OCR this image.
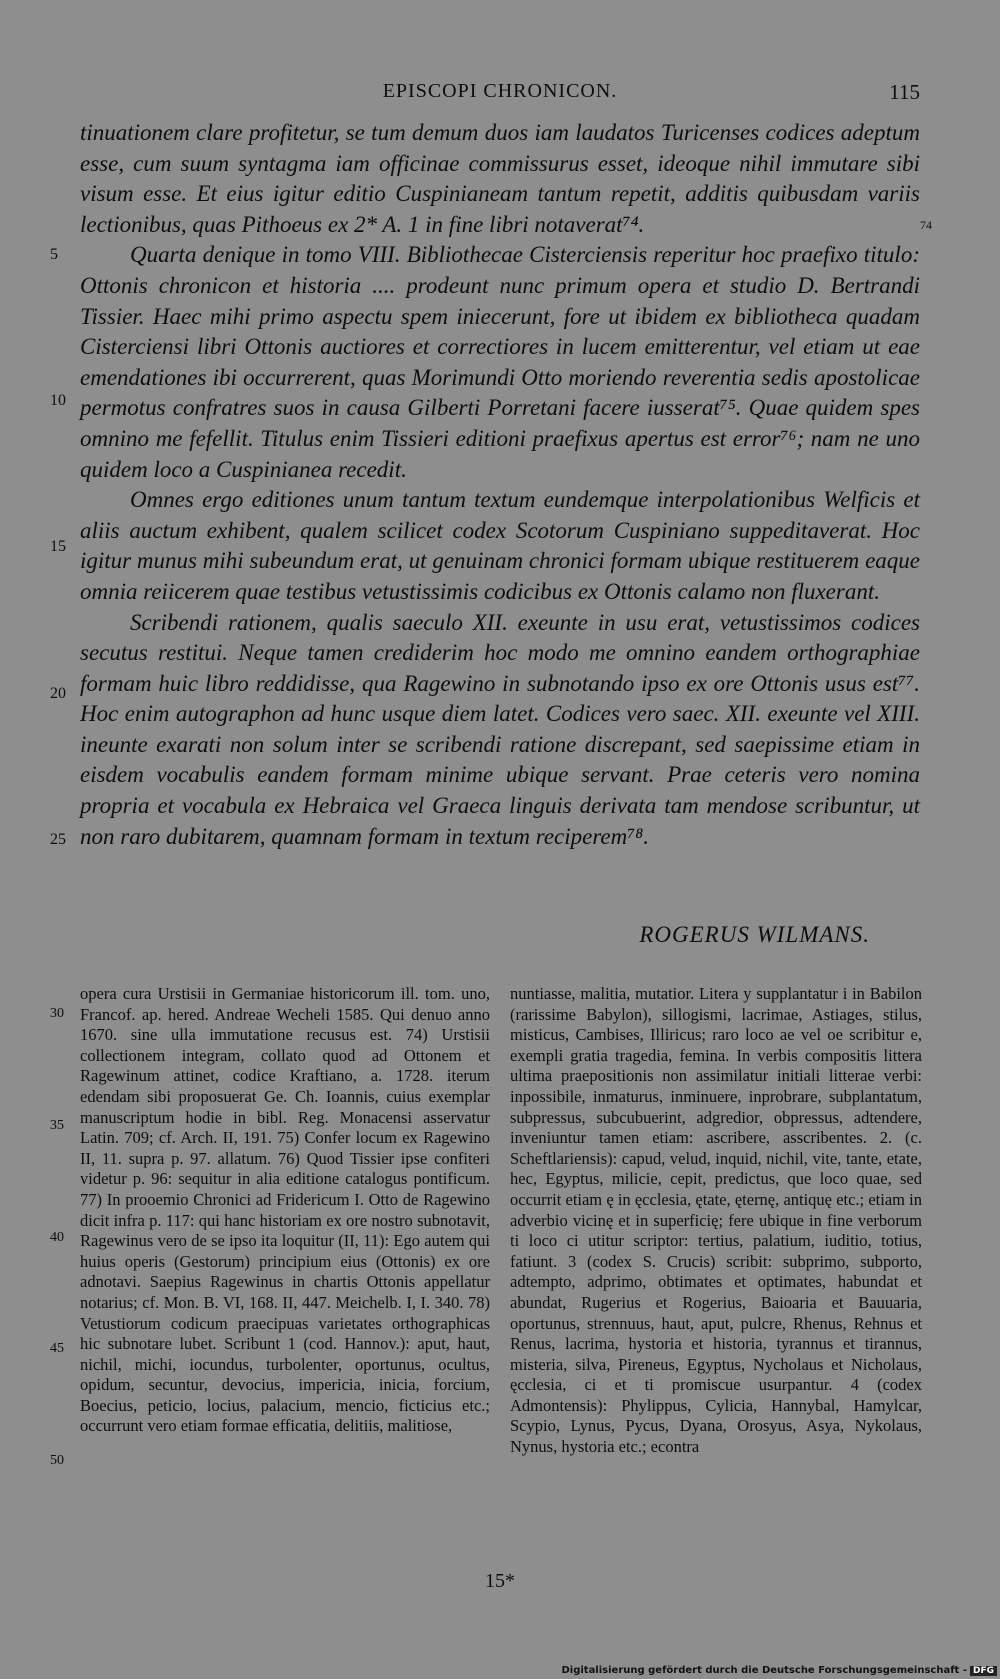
EPISCOPI CHRONICON.	115
74
5
10
15
20
25

tinuationem clare profitetur, se tum demum duos iam laudatos Turicenses codices adeptum esse, cum suum syntagma iam officinae commissurus esset, ideoque nihil immutare sibi visum esse. Et eius igitur editio Cuspinianeam tantum repetit, additis quibusdam variis lectionibus, quas Pithoeus ex 2* A. 1 in fine libri notaverat⁷⁴.

Quarta denique in tomo VIII. Bibliothecae Cisterciensis reperitur hoc praefixo titulo: Ottonis chronicon et historia .... prodeunt nunc primum opera et studio D. Bertrandi Tissier. Haec mihi primo aspectu spem iniecerunt, fore ut ibidem ex bibliotheca quadam Cisterciensi libri Ottonis auctiores et correctiores in lucem emitterentur, vel etiam ut eae emendationes ibi occurrerent, quas Morimundi Otto moriendo reverentia sedis apostolicae permotus confratres suos in causa Gilberti Porretani facere iusserat⁷⁵. Quae quidem spes omnino me fefellit. Titulus enim Tissieri editioni praefixus apertus est error⁷⁶; nam ne uno quidem loco a Cuspinianea recedit.

Omnes ergo editiones unum tantum textum eundemque interpolationibus Welficis et aliis auctum exhibent, qualem scilicet codex Scotorum Cuspiniano suppeditaverat. Hoc igitur munus mihi subeundum erat, ut genuinam chronici formam ubique restituerem eaque omnia reiicerem quae testibus vetustissimis codicibus ex Ottonis calamo non fluxerant.

Scribendi rationem, qualis saeculo XII. exeunte in usu erat, vetustissimos codices secutus restitui. Neque tamen crediderim hoc modo me omnino eandem orthographiae formam huic libro reddidisse, qua Ragewino in subnotando ipso ex ore Ottonis usus est⁷⁷. Hoc enim autographon ad hunc usque diem latet. Codices vero saec. XII. exeunte vel XIII. ineunte exarati non solum inter se scribendi ratione discrepant, sed saepissime etiam in eisdem vocabulis eandem formam minime ubique servant. Prae ceteris vero nomina propria et vocabula ex Hebraica vel Graeca linguis derivata tam mendose scribuntur, ut non raro dubitarem, quamnam formam in textum reciperem⁷⁸.

ROGERUS WILMANS.
30
35
40
45
50
opera cura Urstisii in Germaniae historicorum ill. tom. uno, Francof. ap. hered. Andreae Wecheli 1585. Qui denuo anno 1670. sine ulla immutatione recusus est. 74) Urstisii collectionem integram, collato quod ad Ottonem et Ragewinum attinet, codice Kraftiano, a. 1728. iterum edendam sibi proposuerat Ge. Ch. Ioannis, cuius exemplar manuscriptum hodie in bibl. Reg. Monacensi asservatur Latin. 709; cf. Arch. II, 191. 75) Confer locum ex Ragewino II, 11. supra p. 97. allatum. 76) Quod Tissier ipse confiteri videtur p. 96: sequitur in alia editione catalogus pontificum. 77) In prooemio Chronici ad Fridericum I. Otto de Ragewino dicit infra p. 117: qui hanc historiam ex ore nostro subnotavit, Ragewinus vero de se ipso ita loquitur (II, 11): Ego autem qui huius operis (Gestorum) principium eius (Ottonis) ex ore adnotavi. Saepius Ragewinus in chartis Ottonis appellatur notarius; cf. Mon. B. VI, 168. II, 447. Meichelb. I, I. 340. 78) Vetustiorum codicum praecipuas varietates orthographicas hic subnotare lubet. Scribunt 1 (cod. Hannov.): aput, haut, nichil, michi, iocundus, turbolenter, oportunus, ocultus, opidum, secuntur, devocius, impericia, inicia, forcium, Boecius, peticio, locius, palacium, mencio, ficticius etc.; occurrunt vero etiam formae efficatia, delitiis, malitiose,
nuntiasse, malitia, mutatior. Litera y supplantatur i in Babilon (rarissime Babylon), sillogismi, lacrimae, Astiages, stilus, misticus, Cambises, Illiricus; raro loco ae vel oe scribitur e, exempli gratia tragedia, femina. In verbis compositis littera ultima praepositionis non assimilatur initiali litterae verbi: inpossibile, inmaturus, inminuere, inprobrare, subplantatum, subpressus, subcubuerint, adgredior, obpressus, adtendere, inveniuntur tamen etiam: ascribere, asscribentes. 2. (c. Scheftlariensis): capud, velud, inquid, nichil, vite, tante, etate, hec, Egyptus, milicie, cepit, predictus, que loco quae, sed occurrit etiam ę in ęcclesia, ętate, ęternę, antiquę etc.; etiam in adverbio vicinę et in superficię; fere ubique in fine verborum ti loco ci utitur scriptor: tertius, palatium, iuditio, totius, fatiunt. 3 (codex S. Crucis) scribit: subprimo, subporto, adtempto, adprimo, obtimates et optimates, habundat et abundat, Rugerius et Rogerius, Baioaria et Bauuaria, oportunus, strennuus, haut, aput, pulcre, Rhenus, Rehnus et Renus, lacrima, hystoria et historia, tyrannus et tirannus, misteria, silva, Pireneus, Egyptus, Nycholaus et Nicholaus, ęcclesia, ci et ti promiscue usurpantur. 4 (codex Admontensis): Phylippus, Cylicia, Hannybal, Hamylcar, Scypio, Lynus, Pycus, Dyana, Orosyus, Asya, Nykolaus, Nynus, hystoria etc.; econtra
15*
Digitalisierung gefördert durch die Deutsche Forschungsgemeinschaft - DFG
